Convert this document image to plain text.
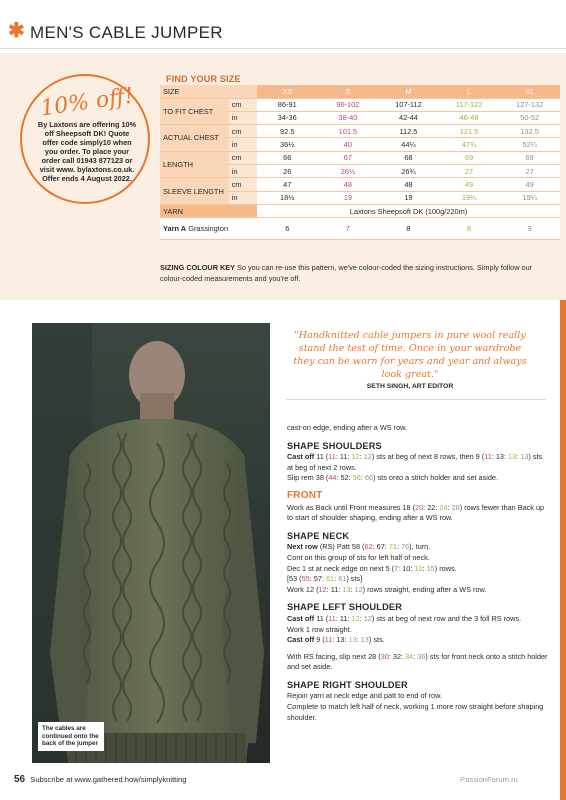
✱ MEN'S CABLE JUMPER
10% off!
By Laxtons are offering 10% off Sheepsoft DK! Quote offer code simply10 when you order. To place your order call 01943 877123 or visit www. bylaxtons.co.uk. Offer ends 4 August 2022.
FIND YOUR SIZE
SIZE		XS	S	M	L	XL
TO FIT CHEST	cm	86-91	96-102	107-112	117-122	127-132
	in	34-36	38-40	42-44	46-48	50-52
ACTUAL CHEST	cm	92.5	101.5	112.5	121.5	132.5
	in	36½	40	44¼	47¾	52¼
LENGTH	cm	66	67	68	69	69
	in	26	26½	26¾	27	27
SLEEVE LENGTH	cm	47	48	48	49	49
	in	18½	19	19	19¼	19¼
YARN		Laxtons Sheepsoft DK (100g/220m)				
Yarn A Grassington		6	7	8	8	9
SIZING COLOUR KEY So you can re-use this pattern, we've colour-coded the sizing instructions. Simply follow our colour-coded measurements and you're off.
The cables are continued onto the back of the jumper
"Handknitted cable jumpers in pure wool really stand the test of time. Once in your wardrobe they can be worn for years and year and always look great."
SETH SINGH, ART EDITOR

cast-on edge, ending after a WS row.

SHAPE SHOULDERS

Cast off 11 (11: 11: 12: 12) sts at beg of next 8 rows, then 9 (11: 13: 13: 13) sts at beg of next 2 rows.
Slip rem 38 (44: 52: 56: 66) sts onto a stitch holder and set aside.

FRONT

Work as Back until Front measures 18 (20: 22: 24: 28) rows fewer than Back up to start of shoulder shaping, ending after a WS row.

SHAPE NECK

Next row (RS) Patt 58 (62: 67: 71: 76), turn.
Cont on this group of sts for left half of neck.
Dec 1 st at neck edge on next 5 (7: 10: 10: 15) rows.
[53 (55: 57: 61: 61) sts]
Work 12 (12: 11: 13: 12) rows straight, ending after a WS row.

SHAPE LEFT SHOULDER

Cast off 11 (11: 11: 12: 12) sts at beg of next row and the 3 foll RS rows.
Work 1 row straight.
Cast off 9 (11: 13: 13: 13) sts.

With RS facing, slip next 28 (30: 32: 34: 36) sts for front neck onto a stitch holder and set aside.

SHAPE RIGHT SHOULDER

Rejoin yarn at neck edge and patt to end of row.
Complete to match left half of neck, working 1 more row straight before shaping shoulder.

56 Subscribe at www.gathered.how/simplyknitting	PassionForum.ru
